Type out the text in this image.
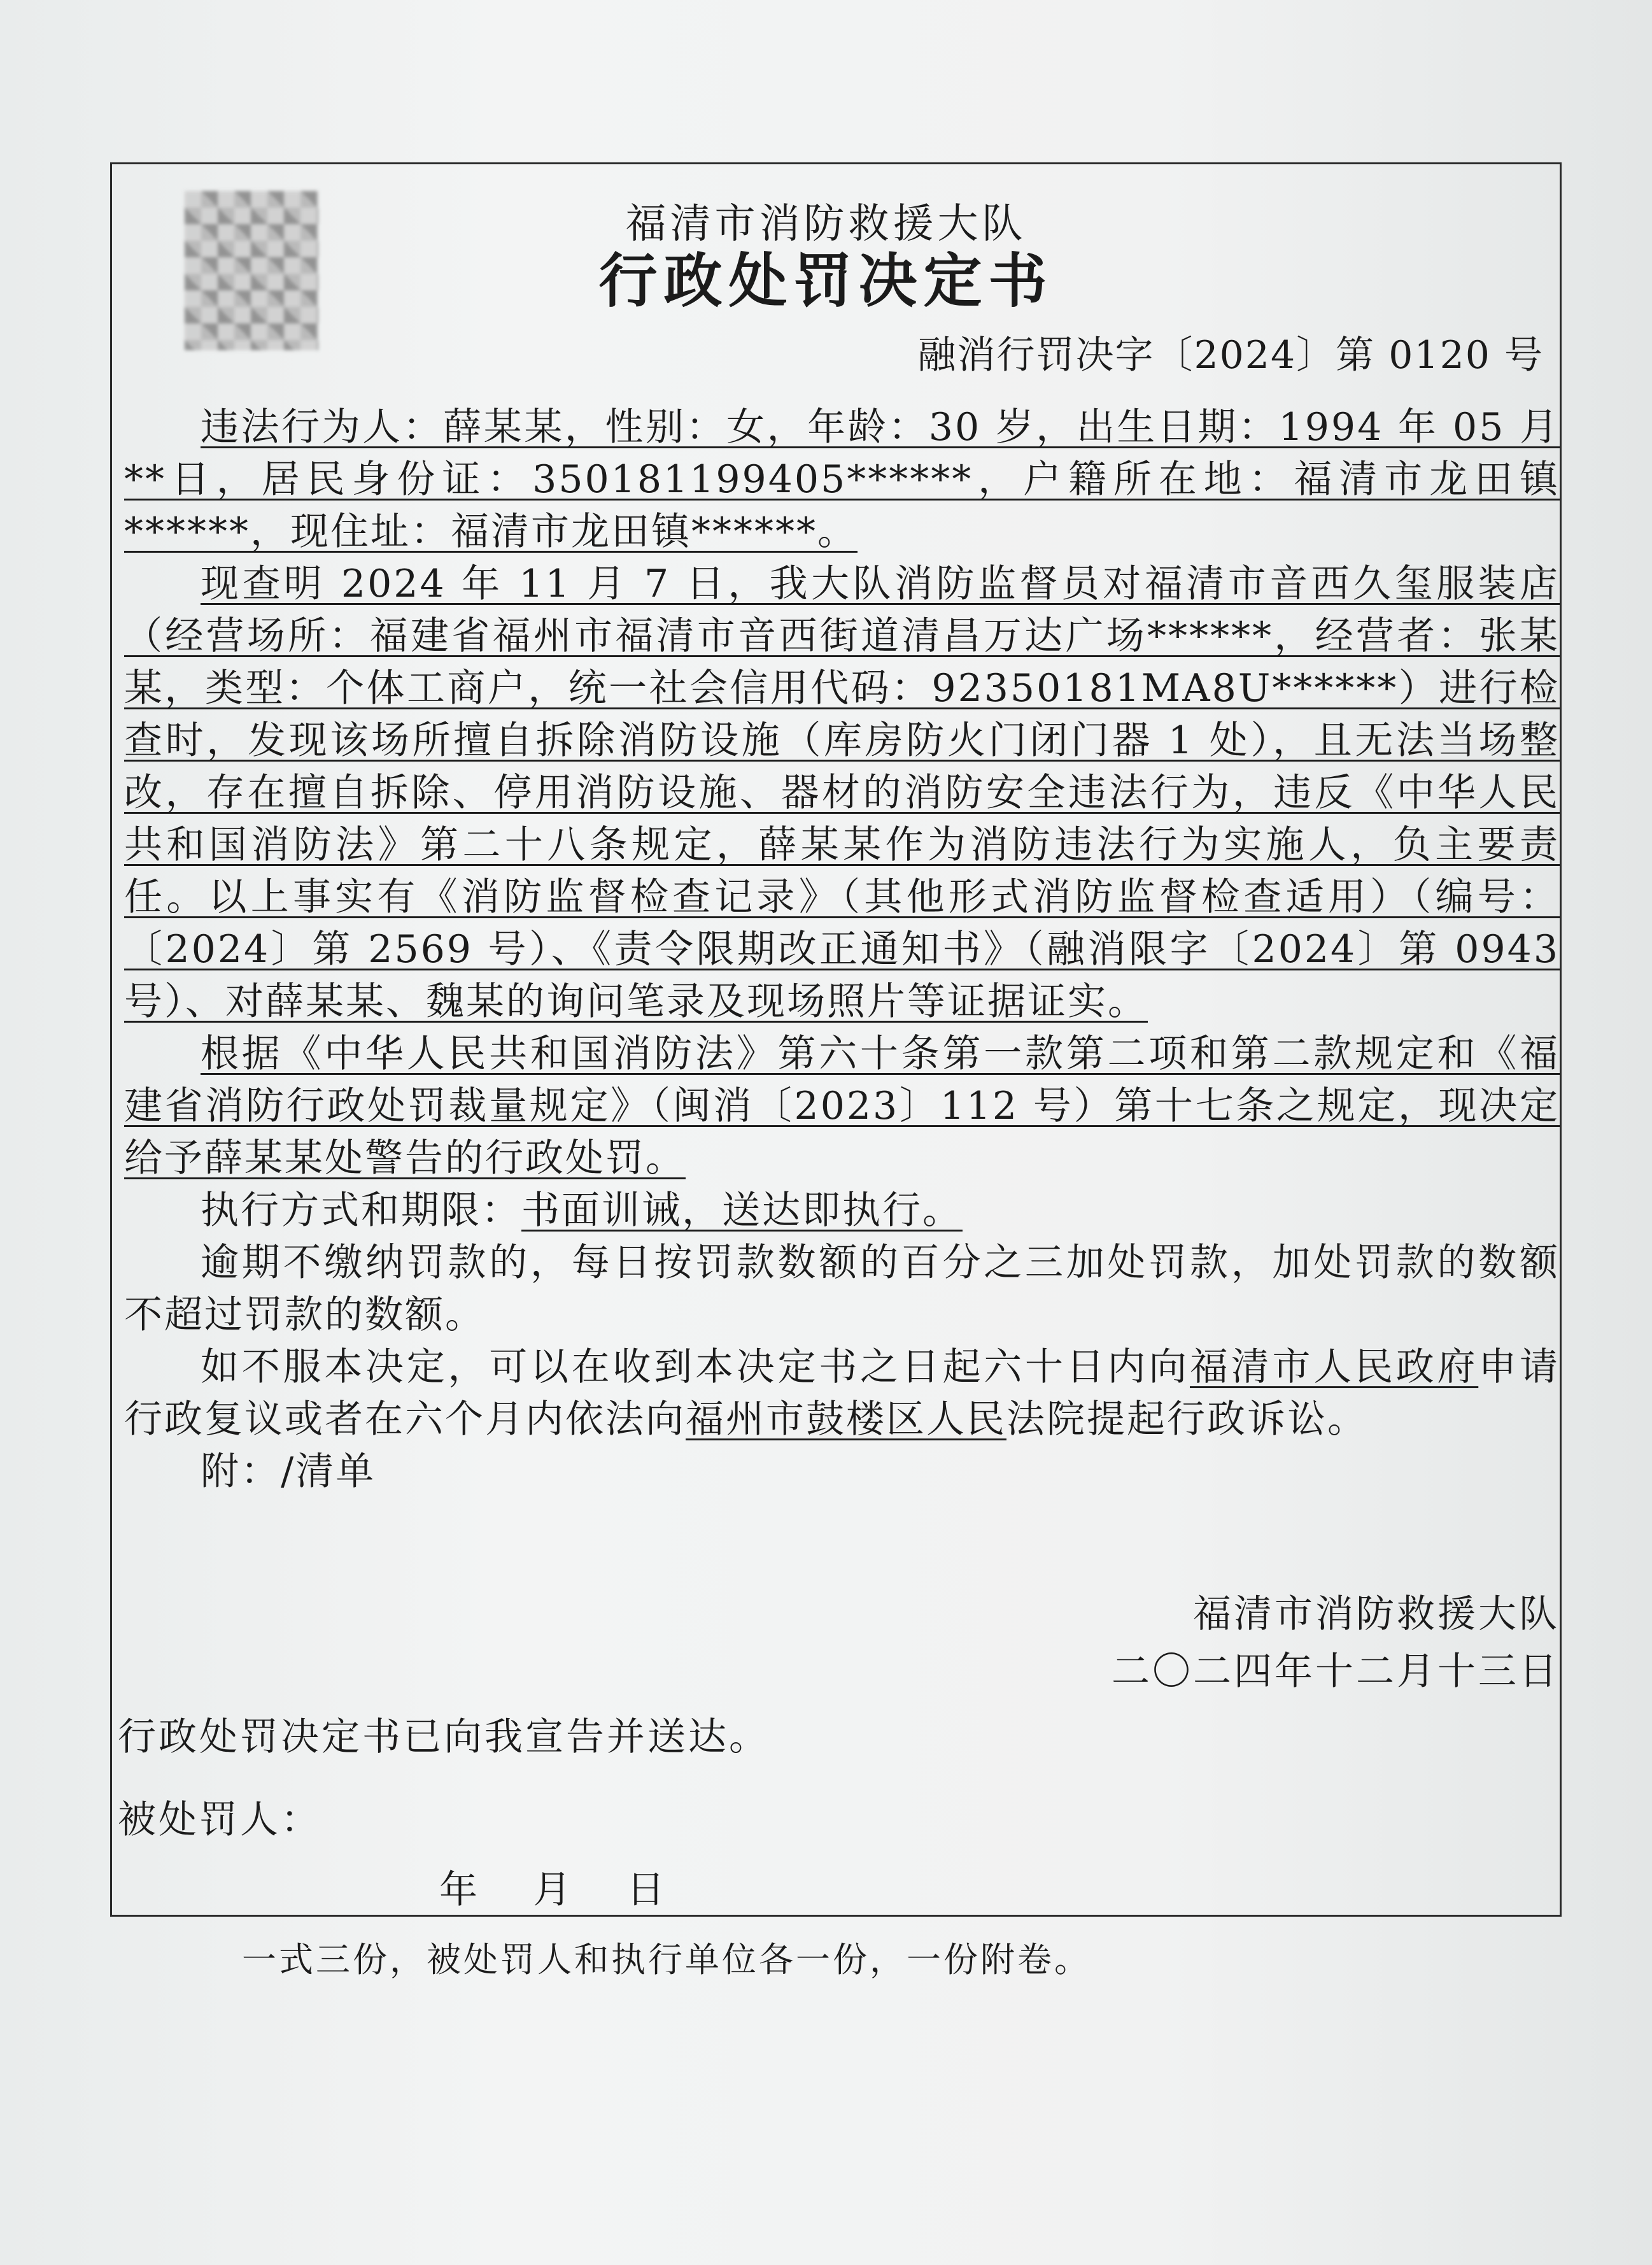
福清市消防救援大队
行政处罚决定书
融消行罚决字〔2024〕第 0120 号

违法行为人：薛某某，性别：女，年龄：30 岁，出生日期：1994 年 05 月**日，居民身份证：350181199405******，户籍所在地：福清市龙田镇******，现住址：福清市龙田镇******。

现查明 2024 年 11 月 7 日，我大队消防监督员对福清市音西久玺服装店（经营场所：福建省福州市福清市音西街道清昌万达广场******，经营者：张某某，类型：个体工商户，统一社会信用代码：92350181MA8U******）进行检查时，发现该场所擅自拆除消防设施（库房防火门闭门器 1 处），且无法当场整改，存在擅自拆除、停用消防设施、器材的消防安全违法行为，违反《中华人民共和国消防法》第二十八条规定，薛某某作为消防违法行为实施人，负主要责任。以上事实有《消防监督检查记录》（其他形式消防监督检查适用）（编号：〔2024〕第 2569 号）、《责令限期改正通知书》（融消限字〔2024〕第 0943 号）、对薛某某、魏某的询问笔录及现场照片等证据证实。

根据《中华人民共和国消防法》第六十条第一款第二项和第二款规定和《福建省消防行政处罚裁量规定》（闽消〔2023〕112 号）第十七条之规定，现决定给予薛某某处警告的行政处罚。

执行方式和期限：书面训诫，送达即执行。

逾期不缴纳罚款的，每日按罚款数额的百分之三加处罚款，加处罚款的数额不超过罚款的数额。

如不服本决定，可以在收到本决定书之日起六十日内向福清市人民政府申请行政复议或者在六个月内依法向福州市鼓楼区人民法院提起行政诉讼。

附：/清单

福清市消防救援大队
二〇二四年十二月十三日
行政处罚决定书已向我宣告并送达。
被处罚人：
年 月 日
一式三份，被处罚人和执行单位各一份，一份附卷。
